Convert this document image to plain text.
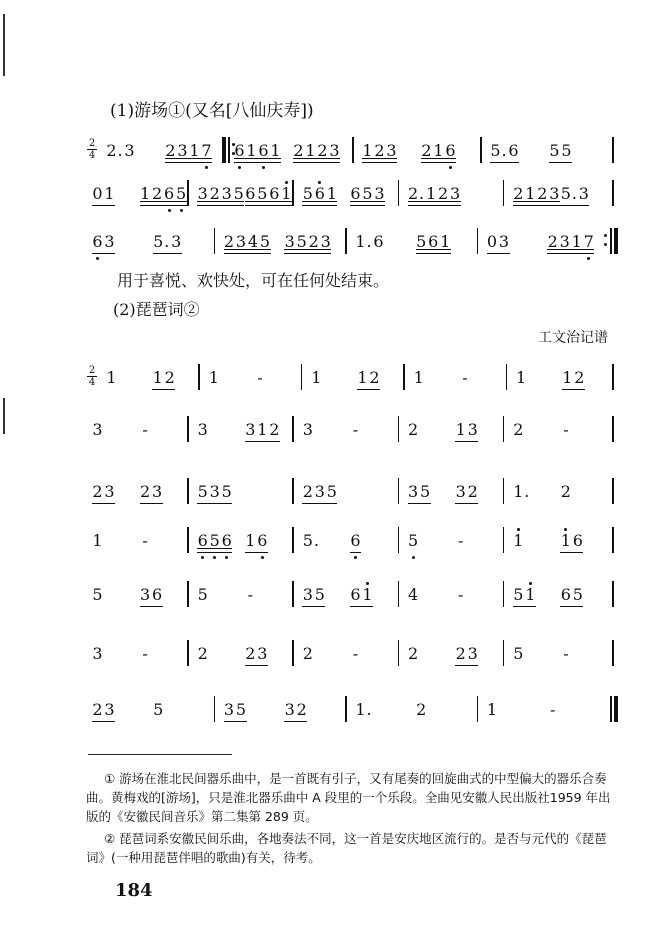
(1)游场①(又名[八仙庆寿])
$\frac{2}{4} 2$. 3 2 3 1 7 6 1 6 1 2 1 2 3 1 2 3 2 1 6 5. 6 5 5
0 1 1 2 6 5 3 2 3 5 6 5 6 1 5 6 1 6 5 3 2. 1 2 3	2 1 2 3 5. 3
6 3 5. 3	2 3 4 5 3 5 2 3 1. 6 5 6 1 0 3 2 3 1 7
$\frac{2}{4} 1$ 1 2 1 -	1 1 2 1 -	1 1 2
3 -	3 3 1 2 3 -	2 1 3 2 -
2 3 2 3 5 3 5	2 3 5	3 5 3 2 1. 2
1 -	6 5 6 1 6 5. 6	5 -	1 1 6
5 3 6 5 -	3 5 6 1 4 -	5 1 6 5
3 -	2 2 3 2 -	2 2 3 5 -
2 3 5	3 5 3 2	1.	2	1	-
用于喜悦、欢快处，可在任何处结束。
(2)琵琶词②
工文治记谱
① 游场在淮北民间器乐曲中，是一首既有引子，又有尾奏的回旋曲式的中型偏大的器乐合奏曲。黄梅戏的[游场]，只是淮北器乐曲中 A 段里的一个乐段。全曲见安徽人民出版社1959 年出版的《安徽民间音乐》第二集第 289 页。
② 琵琶词系安徽民间乐曲，各地奏法不同，这一首是安庆地区流行的。是否与元代的《琵琶词》(一种用琵琶伴唱的歌曲)有关，待考。
184
